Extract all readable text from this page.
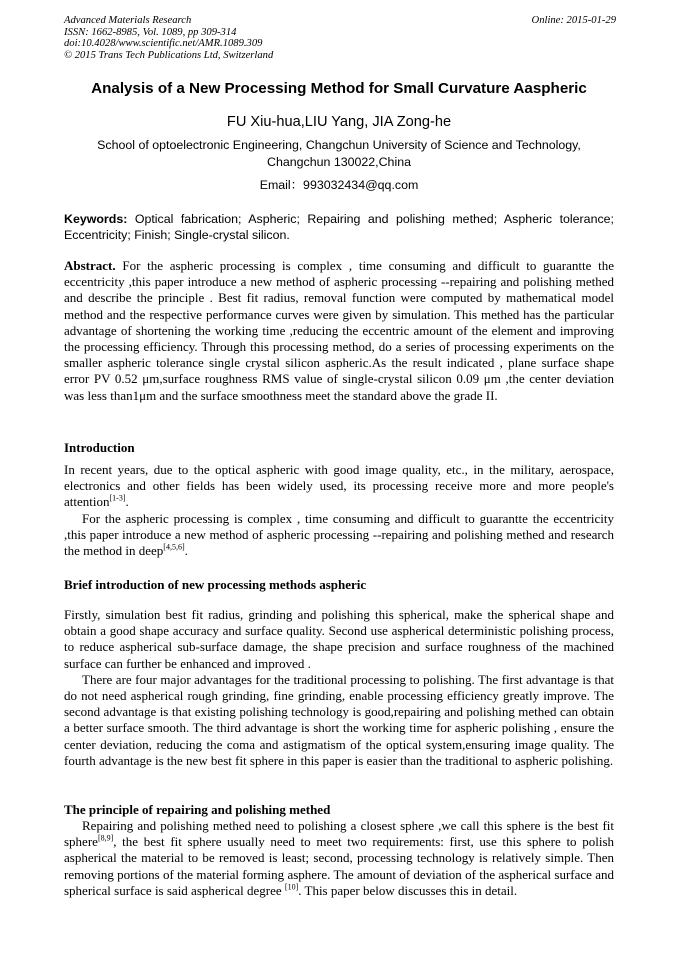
Advanced Materials Research
ISSN: 1662-8985, Vol. 1089, pp 309-314
doi:10.4028/www.scientific.net/AMR.1089.309
© 2015 Trans Tech Publications Ltd, Switzerland
Online: 2015-01-29
Analysis of a New Processing Method for Small Curvature Aaspheric
FU Xiu-hua,LIU Yang, JIA Zong-he
School of optoelectronic Engineering, Changchun University of Science and Technology,
Changchun 130022,China
Email：993032434@qq.com
Keywords: Optical fabrication; Aspheric; Repairing and polishing methed; Aspheric tolerance; Eccentricity; Finish; Single-crystal silicon.

Abstract. For the aspheric processing is complex , time consuming and difficult to guarantte the eccentricity ,this paper introduce a new method of aspheric processing --repairing and polishing methed and describe the principle . Best fit radius, removal function were computed by mathematical model method and the respective performance curves were given by simulation. This methed has the particular advantage of shortening the working time ,reducing the eccentric amount of the element and improving the processing efficiency. Through this processing method, do a series of processing experiments on the smaller aspheric tolerance single crystal silicon aspheric.As the result indicated , plane surface shape error PV 0.52 μm,surface roughness RMS value of single-crystal silicon 0.09 μm ,the center deviation was less than1μm and the surface smoothness meet the standard above the grade II.

Introduction

In recent years, due to the optical aspheric with good image quality, etc., in the military, aerospace, electronics and other fields has been widely used, its processing receive more and more people's attention[1-3].

For the aspheric processing is complex , time consuming and difficult to guarantte the eccentricity ,this paper introduce a new method of aspheric processing --repairing and polishing methed and research the method in deep[4,5,6].

Brief introduction of new processing methods aspheric

Firstly, simulation best fit radius, grinding and polishing this spherical, make the spherical shape and obtain a good shape accuracy and surface quality. Second use aspherical deterministic polishing process, to reduce aspherical sub-surface damage, the shape precision and surface roughness of the machined surface can further be enhanced and improved .

There are four major advantages for the traditional processing to polishing. The first advantage is that do not need aspherical rough grinding, fine grinding, enable processing efficiency greatly improve. The second advantage is that existing polishing technology is good,repairing and polishing methed can obtain a better surface smooth. The third advantage is short the working time for aspheric polishing , ensure the center deviation, reducing the coma and astigmatism of the optical system,ensuring image quality. The fourth advantage is the new best fit sphere in this paper is easier than the traditional to aspheric polishing.

The principle of repairing and polishing methed

Repairing and polishing methed need to polishing a closest sphere ,we call this sphere is the best fit sphere[8,9], the best fit sphere usually need to meet two requirements: first, use this sphere to polish aspherical the material to be removed is least; second, processing technology is relatively simple. Then removing portions of the material forming asphere. The amount of deviation of the aspherical surface and spherical surface is said aspherical degree [10]. This paper below discusses this in detail.
